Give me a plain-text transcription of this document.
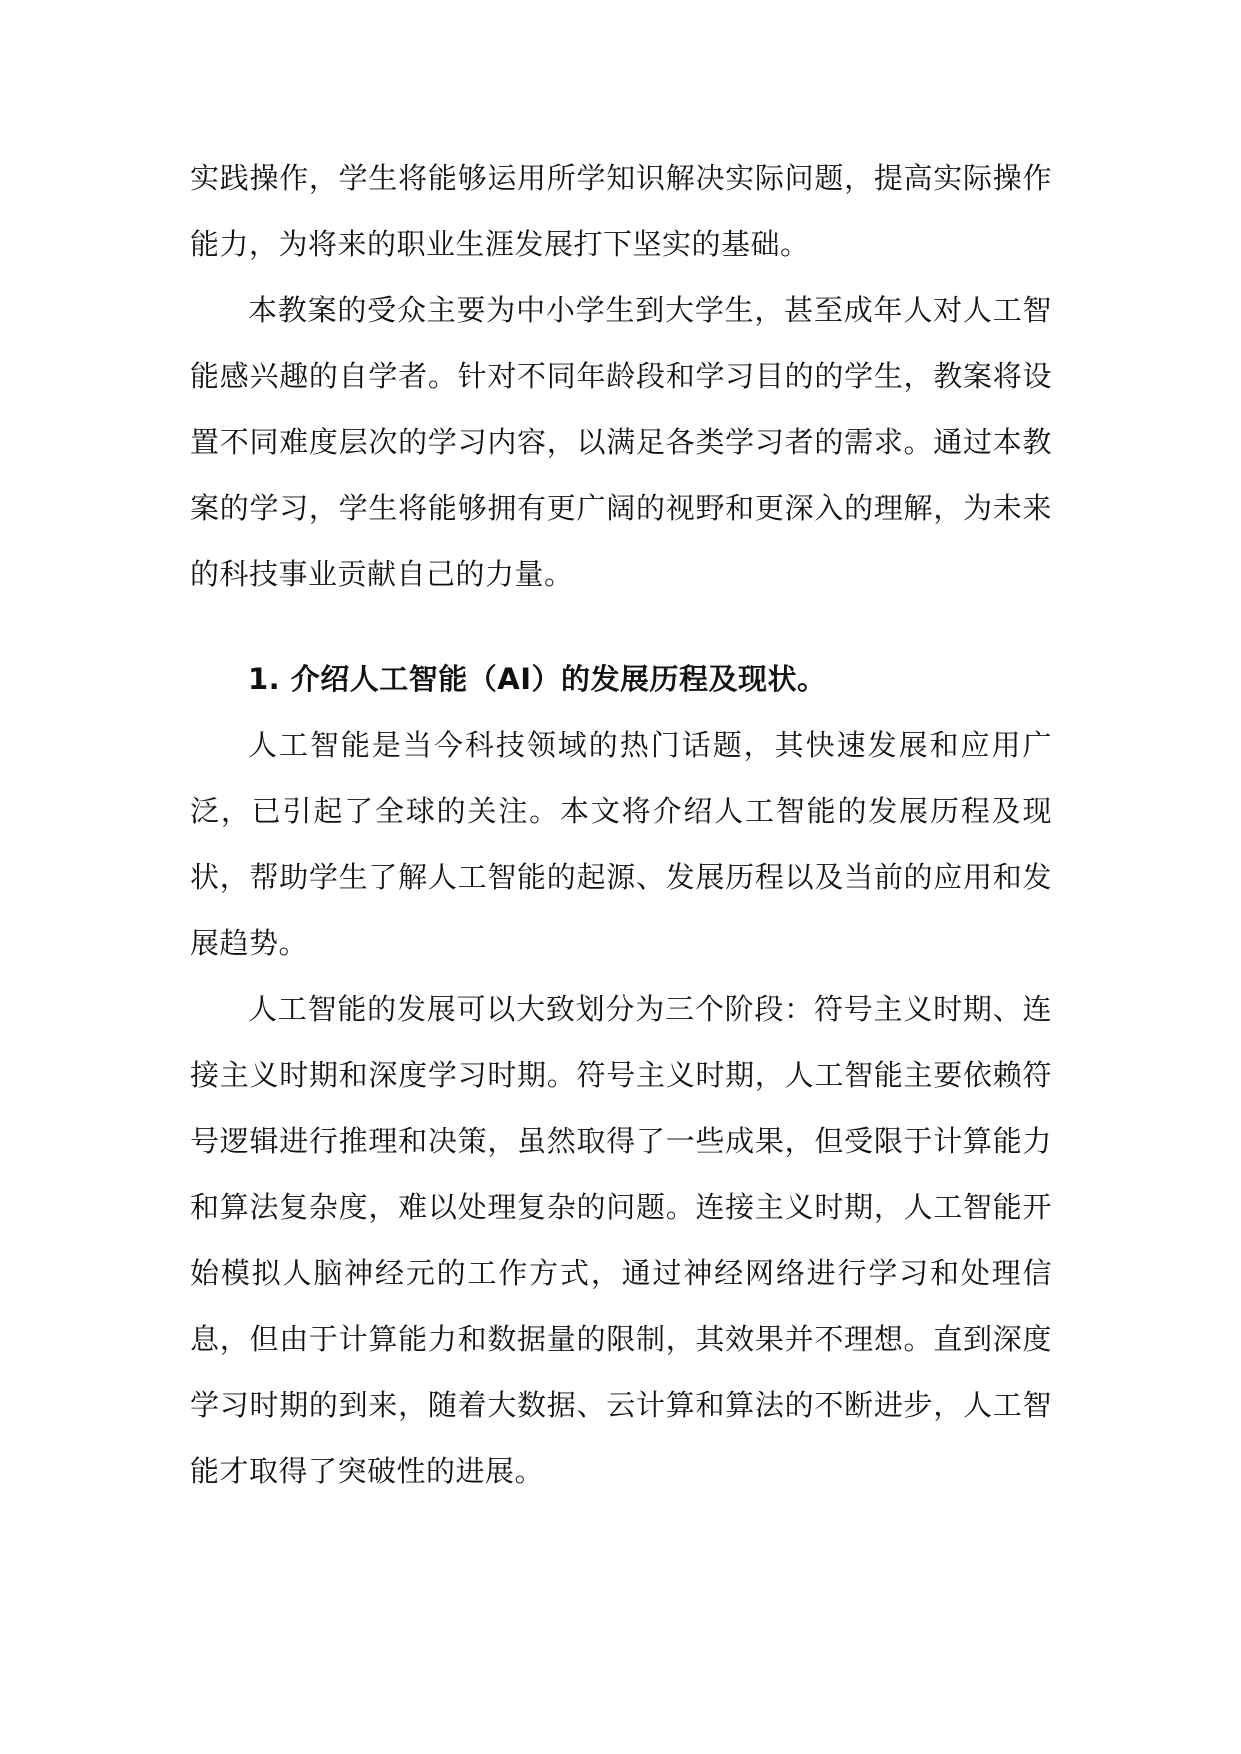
实践操作，学生将能够运用所学知识解决实际问题，提高实际操作能力，为将来的职业生涯发展打下坚实的基础。

本教案的受众主要为中小学生到大学生，甚至成年人对人工智能感兴趣的自学者。针对不同年龄段和学习目的的学生，教案将设置不同难度层次的学习内容，以满足各类学习者的需求。通过本教案的学习，学生将能够拥有更广阔的视野和更深入的理解，为未来的科技事业贡献自己的力量。

1. 介绍人工智能（AI）的发展历程及现状。

人工智能是当今科技领域的热门话题，其快速发展和应用广泛，已引起了全球的关注。本文将介绍人工智能的发展历程及现状，帮助学生了解人工智能的起源、发展历程以及当前的应用和发展趋势。

人工智能的发展可以大致划分为三个阶段：符号主义时期、连接主义时期和深度学习时期。符号主义时期，人工智能主要依赖符号逻辑进行推理和决策，虽然取得了一些成果，但受限于计算能力和算法复杂度，难以处理复杂的问题。连接主义时期，人工智能开始模拟人脑神经元的工作方式，通过神经网络进行学习和处理信息，但由于计算能力和数据量的限制，其效果并不理想。直到深度学习时期的到来，随着大数据、云计算和算法的不断进步，人工智能才取得了突破性的进展。
